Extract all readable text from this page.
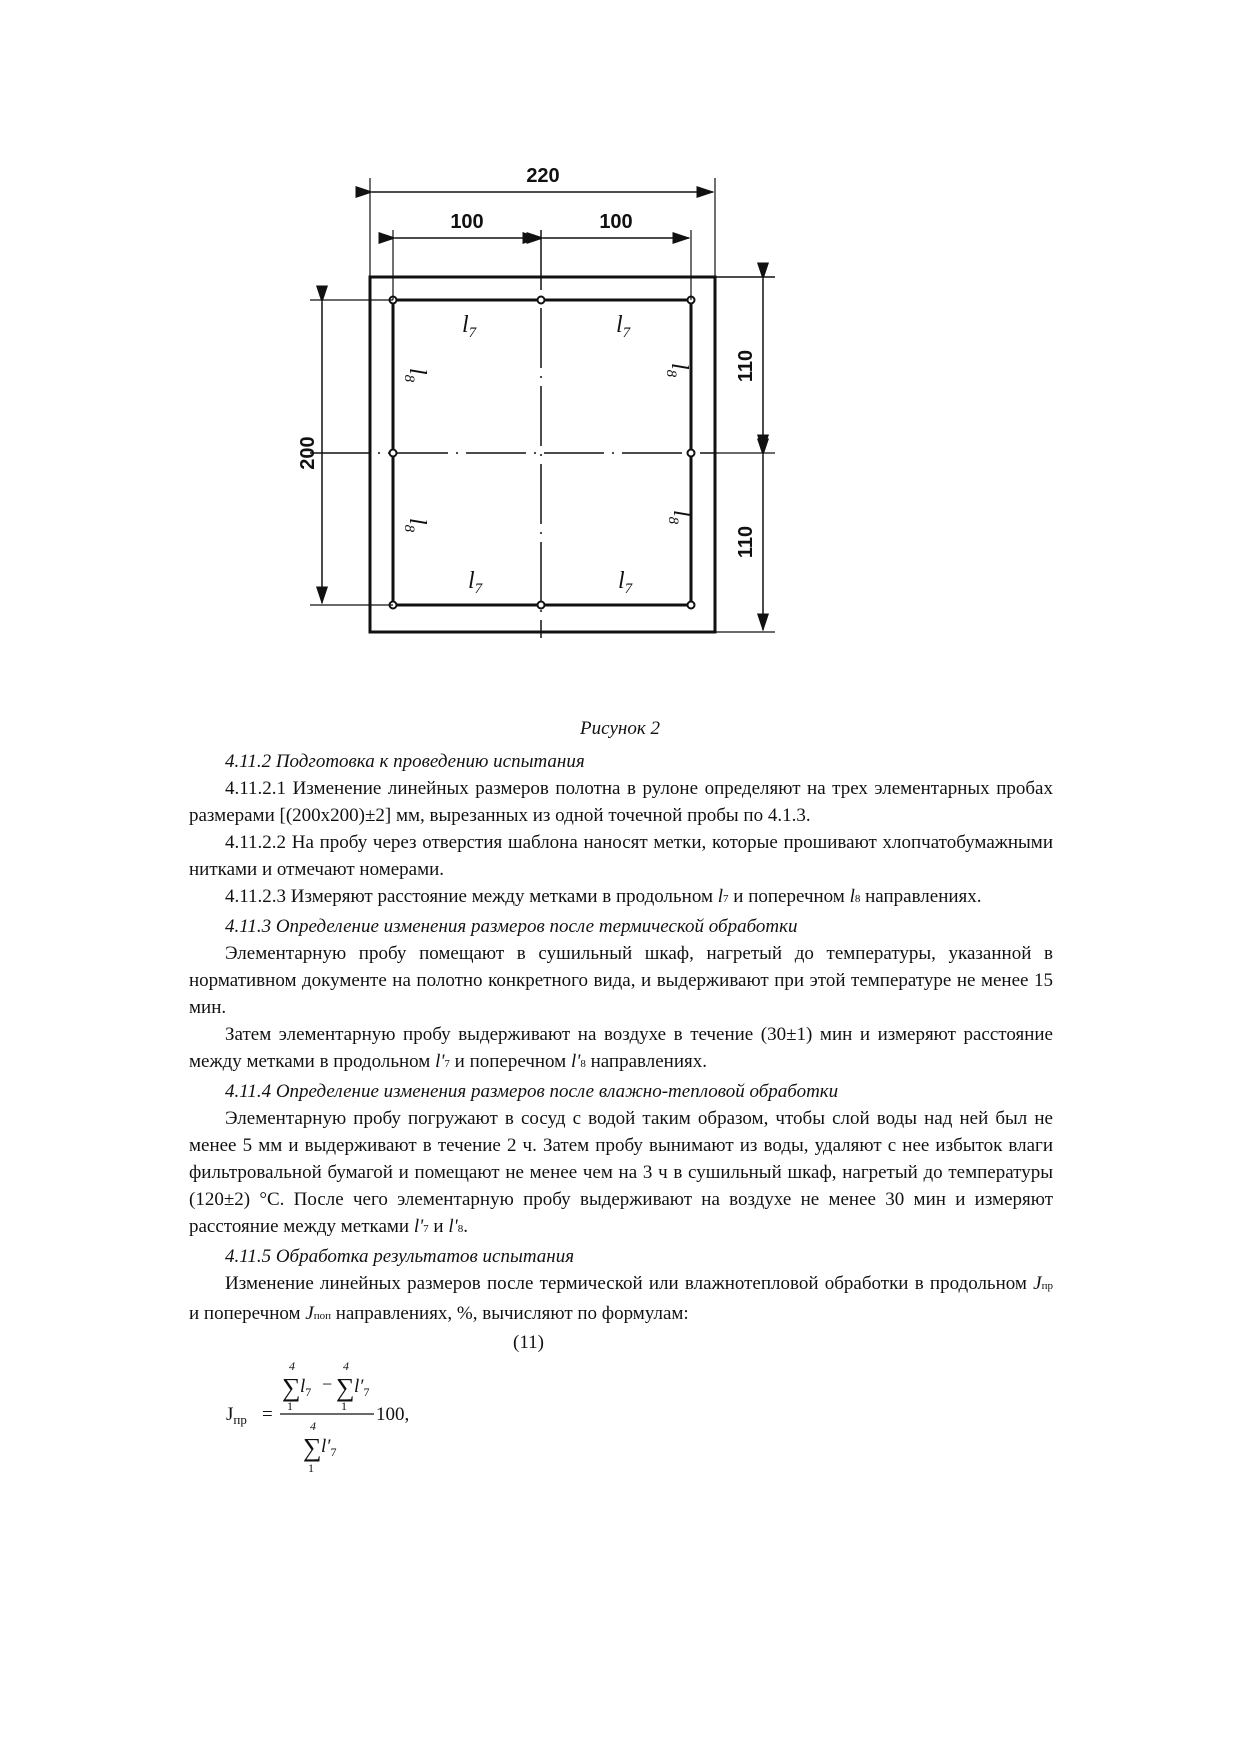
220
100	100
200
110
110
$l_7$	$l_7$
$l_7$	$l_7$
$l_8$
$l_8$
$l_8$
$l_8$
Рисунок 2

4.11.2 Подготовка к проведению испытания

4.11.2.1 Изменение линейных размеров полотна в рулоне определяют на трех элементарных пробах размерами [(200x200)±2] мм, вырезанных из одной точечной пробы по 4.1.3.

4.11.2.2 На пробу через отверстия шаблона наносят метки, которые прошивают хлопчатобумажными нитками и отмечают номерами.

4.11.2.3 Измеряют расстояние между метками в продольном l7 и поперечном l8 направлениях.

4.11.3 Определение изменения размеров после термической обработки

Элементарную пробу помещают в сушильный шкаф, нагретый до температуры, указанной в нормативном документе на полотно конкретного вида, и выдерживают при этой температуре не менее 15 мин.

Затем элементарную пробу выдерживают на воздухе в течение (30±1) мин и измеряют расстояние между метками в продольном l'7 и поперечном l'8 направлениях.

4.11.4 Определение изменения размеров после влажно-тепловой обработки

Элементарную пробу погружают в сосуд с водой таким образом, чтобы слой воды над ней был не менее 5 мм и выдерживают в течение 2 ч. Затем пробу вынимают из воды, удаляют с нее избыток влаги фильтровальной бумагой и помещают не менее чем на 3 ч в сушильный шкаф, нагретый до температуры (120±2) °С. После чего элементарную пробу выдерживают на воздухе не менее 30 мин и измеряют расстояние между метками l'7 и l'8.

4.11.5 Обработка результатов испытания

Изменение линейных размеров после термической или влажнотепловой обработки в продольном Jпр и поперечном Jпоп направлениях, %, вычисляют по формулам:

(11)
$J_{пр}$ =
4
∑
1
$l_7$ −
4
∑
1
$l'_7$
4
∑
1
$l'_7$
100,
